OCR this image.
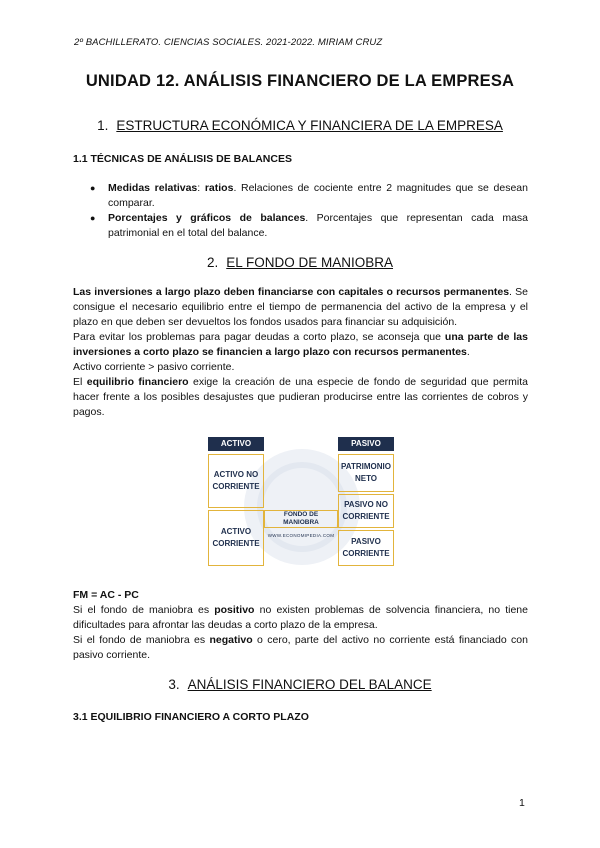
2º BACHILLERATO. CIENCIAS SOCIALES. 2021-2022. MIRIAM CRUZ
UNIDAD 12. ANÁLISIS FINANCIERO DE LA EMPRESA
1. ESTRUCTURA ECONÓMICA Y FINANCIERA DE LA EMPRESA
1.1 TÉCNICAS DE ANÁLISIS DE BALANCES
● Medidas relativas: ratios. Relaciones de cociente entre 2 magnitudes que se desean comparar.
● Porcentajes y gráficos de balances. Porcentajes que representan cada masa patrimonial en el total del balance.
2. EL FONDO DE MANIOBRA

Las inversiones a largo plazo deben financiarse con capitales o recursos permanentes. Se consigue el necesario equilibrio entre el tiempo de permanencia del activo de la empresa y el plazo en que deben ser devueltos los fondos usados para financiar su adquisición.

Para evitar los problemas para pagar deudas a corto plazo, se aconseja que una parte de las inversiones a corto plazo se financien a largo plazo con recursos permanentes.

Activo corriente > pasivo corriente.

El equilibrio financiero exige la creación de una especie de fondo de seguridad que permita hacer frente a los posibles desajustes que pudieran producirse entre las corrientes de cobros y pagos.

ACTIVO	PASIVO
ACTIVO NO CORRIENTE
ACTIVO CORRIENTE
PATRIMONIO NETO
PASIVO NO CORRIENTE
PASIVO CORRIENTE
FONDO DE MANIOBRA
WWW.ECONOMIPEDIA.COM

FM = AC - PC

Si el fondo de maniobra es positivo no existen problemas de solvencia financiera, no tiene dificultades para afrontar las deudas a corto plazo de la empresa.

Si el fondo de maniobra es negativo o cero, parte del activo no corriente está financiado con pasivo corriente.

3. ANÁLISIS FINANCIERO DEL BALANCE
3.1 EQUILIBRIO FINANCIERO A CORTO PLAZO
1
